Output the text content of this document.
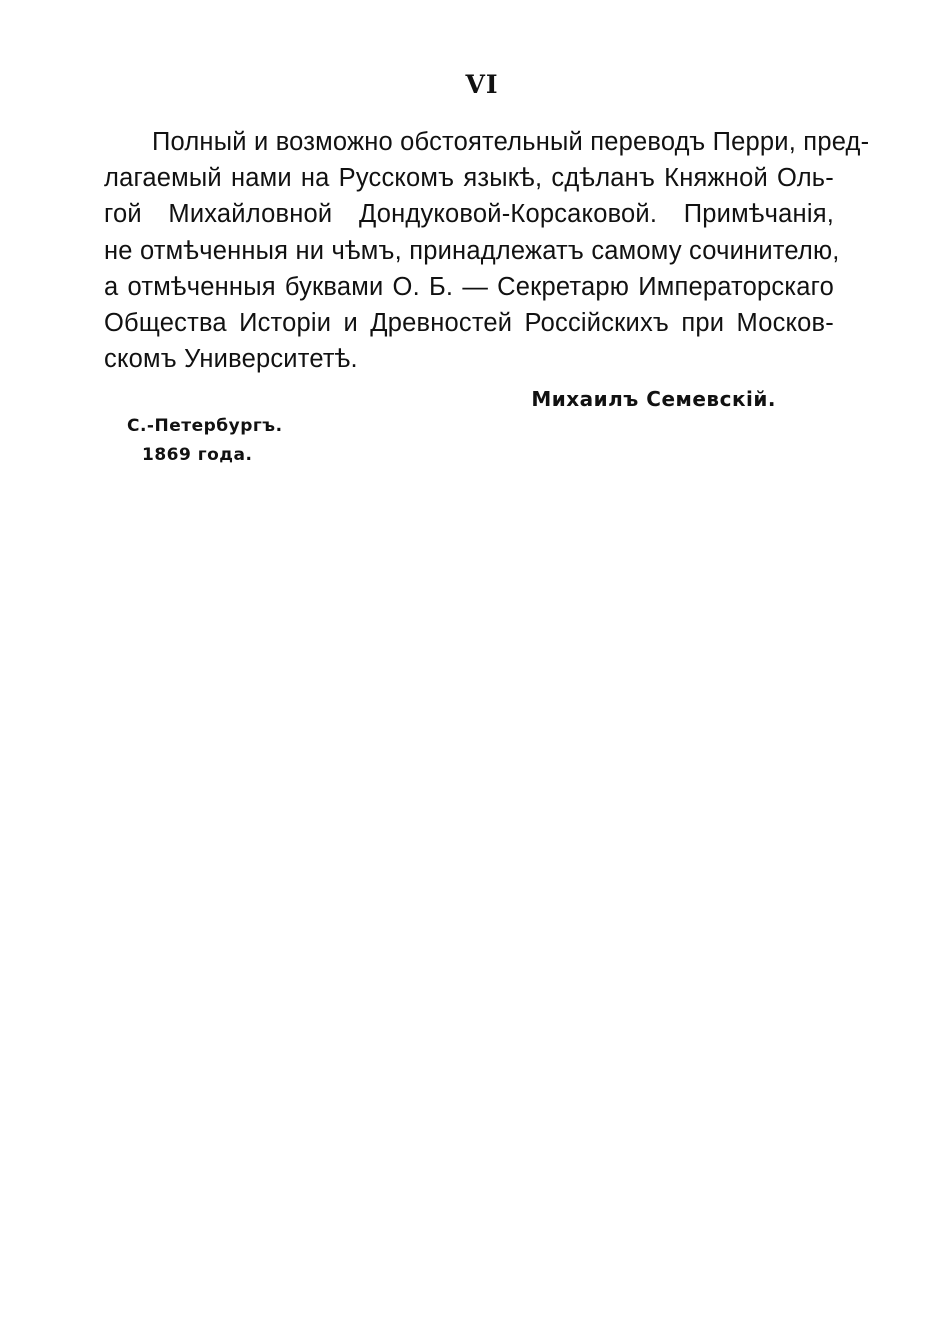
VI
Полный и возможно обстоятельный переводъ Перри, пред-
лагаемый нами на Русскомъ языкѣ, сдѣланъ Княжной Оль-
гой Михайловной Дондуковой-Корсаковой. Примѣчанія,
не отмѣченныя ни чѣмъ, принадлежатъ самому сочинителю,
а отмѣченныя буквами О. Б. — Секретарю Императорскаго
Общества Исторіи и Древностей Россійскихъ при Москов-
скомъ Университетѣ.
Михаилъ Семевскій.
С.-Петербургъ.
1869 года.
